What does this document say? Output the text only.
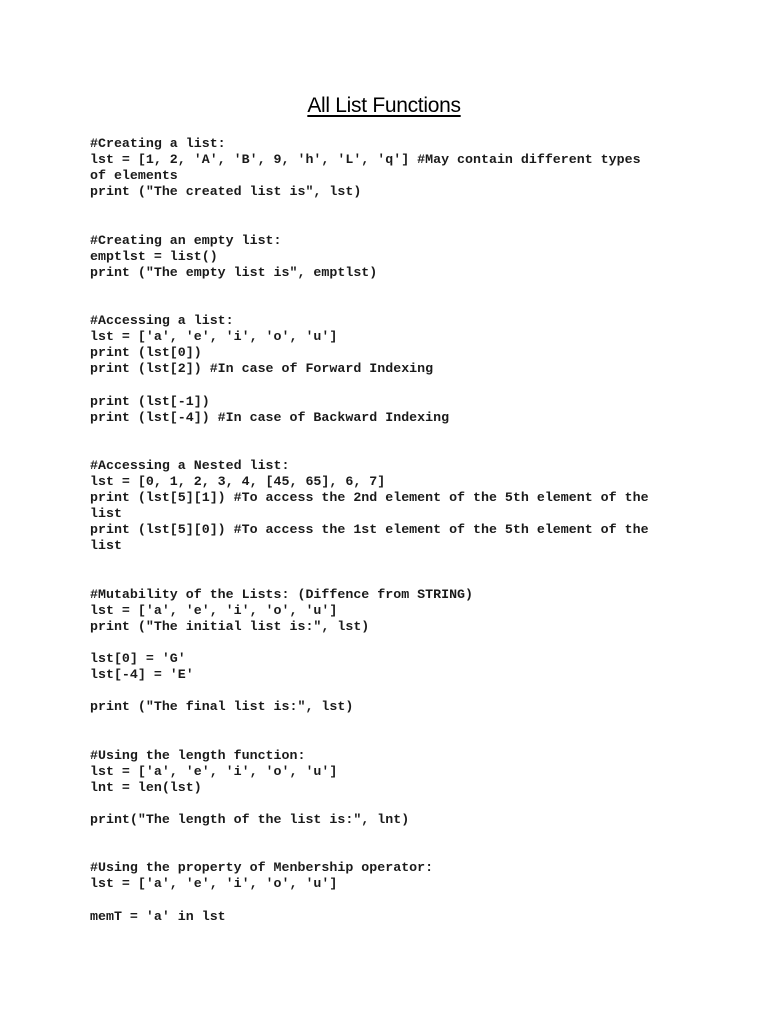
All List Functions
#Creating a list:
lst = [1, 2, 'A', 'B', 9, 'h', 'L', 'q'] #May contain different types
of elements
print ("The created list is", lst)
#Creating an empty list:
emptlst = list()
print ("The empty list is", emptlst)
#Accessing a list:
lst = ['a', 'e', 'i', 'o', 'u']
print (lst[0])
print (lst[2]) #In case of Forward Indexing
print (lst[-1])
print (lst[-4]) #In case of Backward Indexing
#Accessing a Nested list:
lst = [0, 1, 2, 3, 4, [45, 65], 6, 7]
print (lst[5][1]) #To access the 2nd element of the 5th element of the
list
print (lst[5][0]) #To access the 1st element of the 5th element of the
list
#Mutability of the Lists: (Diffence from STRING)
lst = ['a', 'e', 'i', 'o', 'u']
print ("The initial list is:", lst)
lst[0] = 'G'
lst[-4] = 'E'
print ("The final list is:", lst)
#Using the length function:
lst = ['a', 'e', 'i', 'o', 'u']
lnt = len(lst)
print("The length of the list is:", lnt)
#Using the property of Menbership operator:
lst = ['a', 'e', 'i', 'o', 'u']
memT = 'a' in lst
